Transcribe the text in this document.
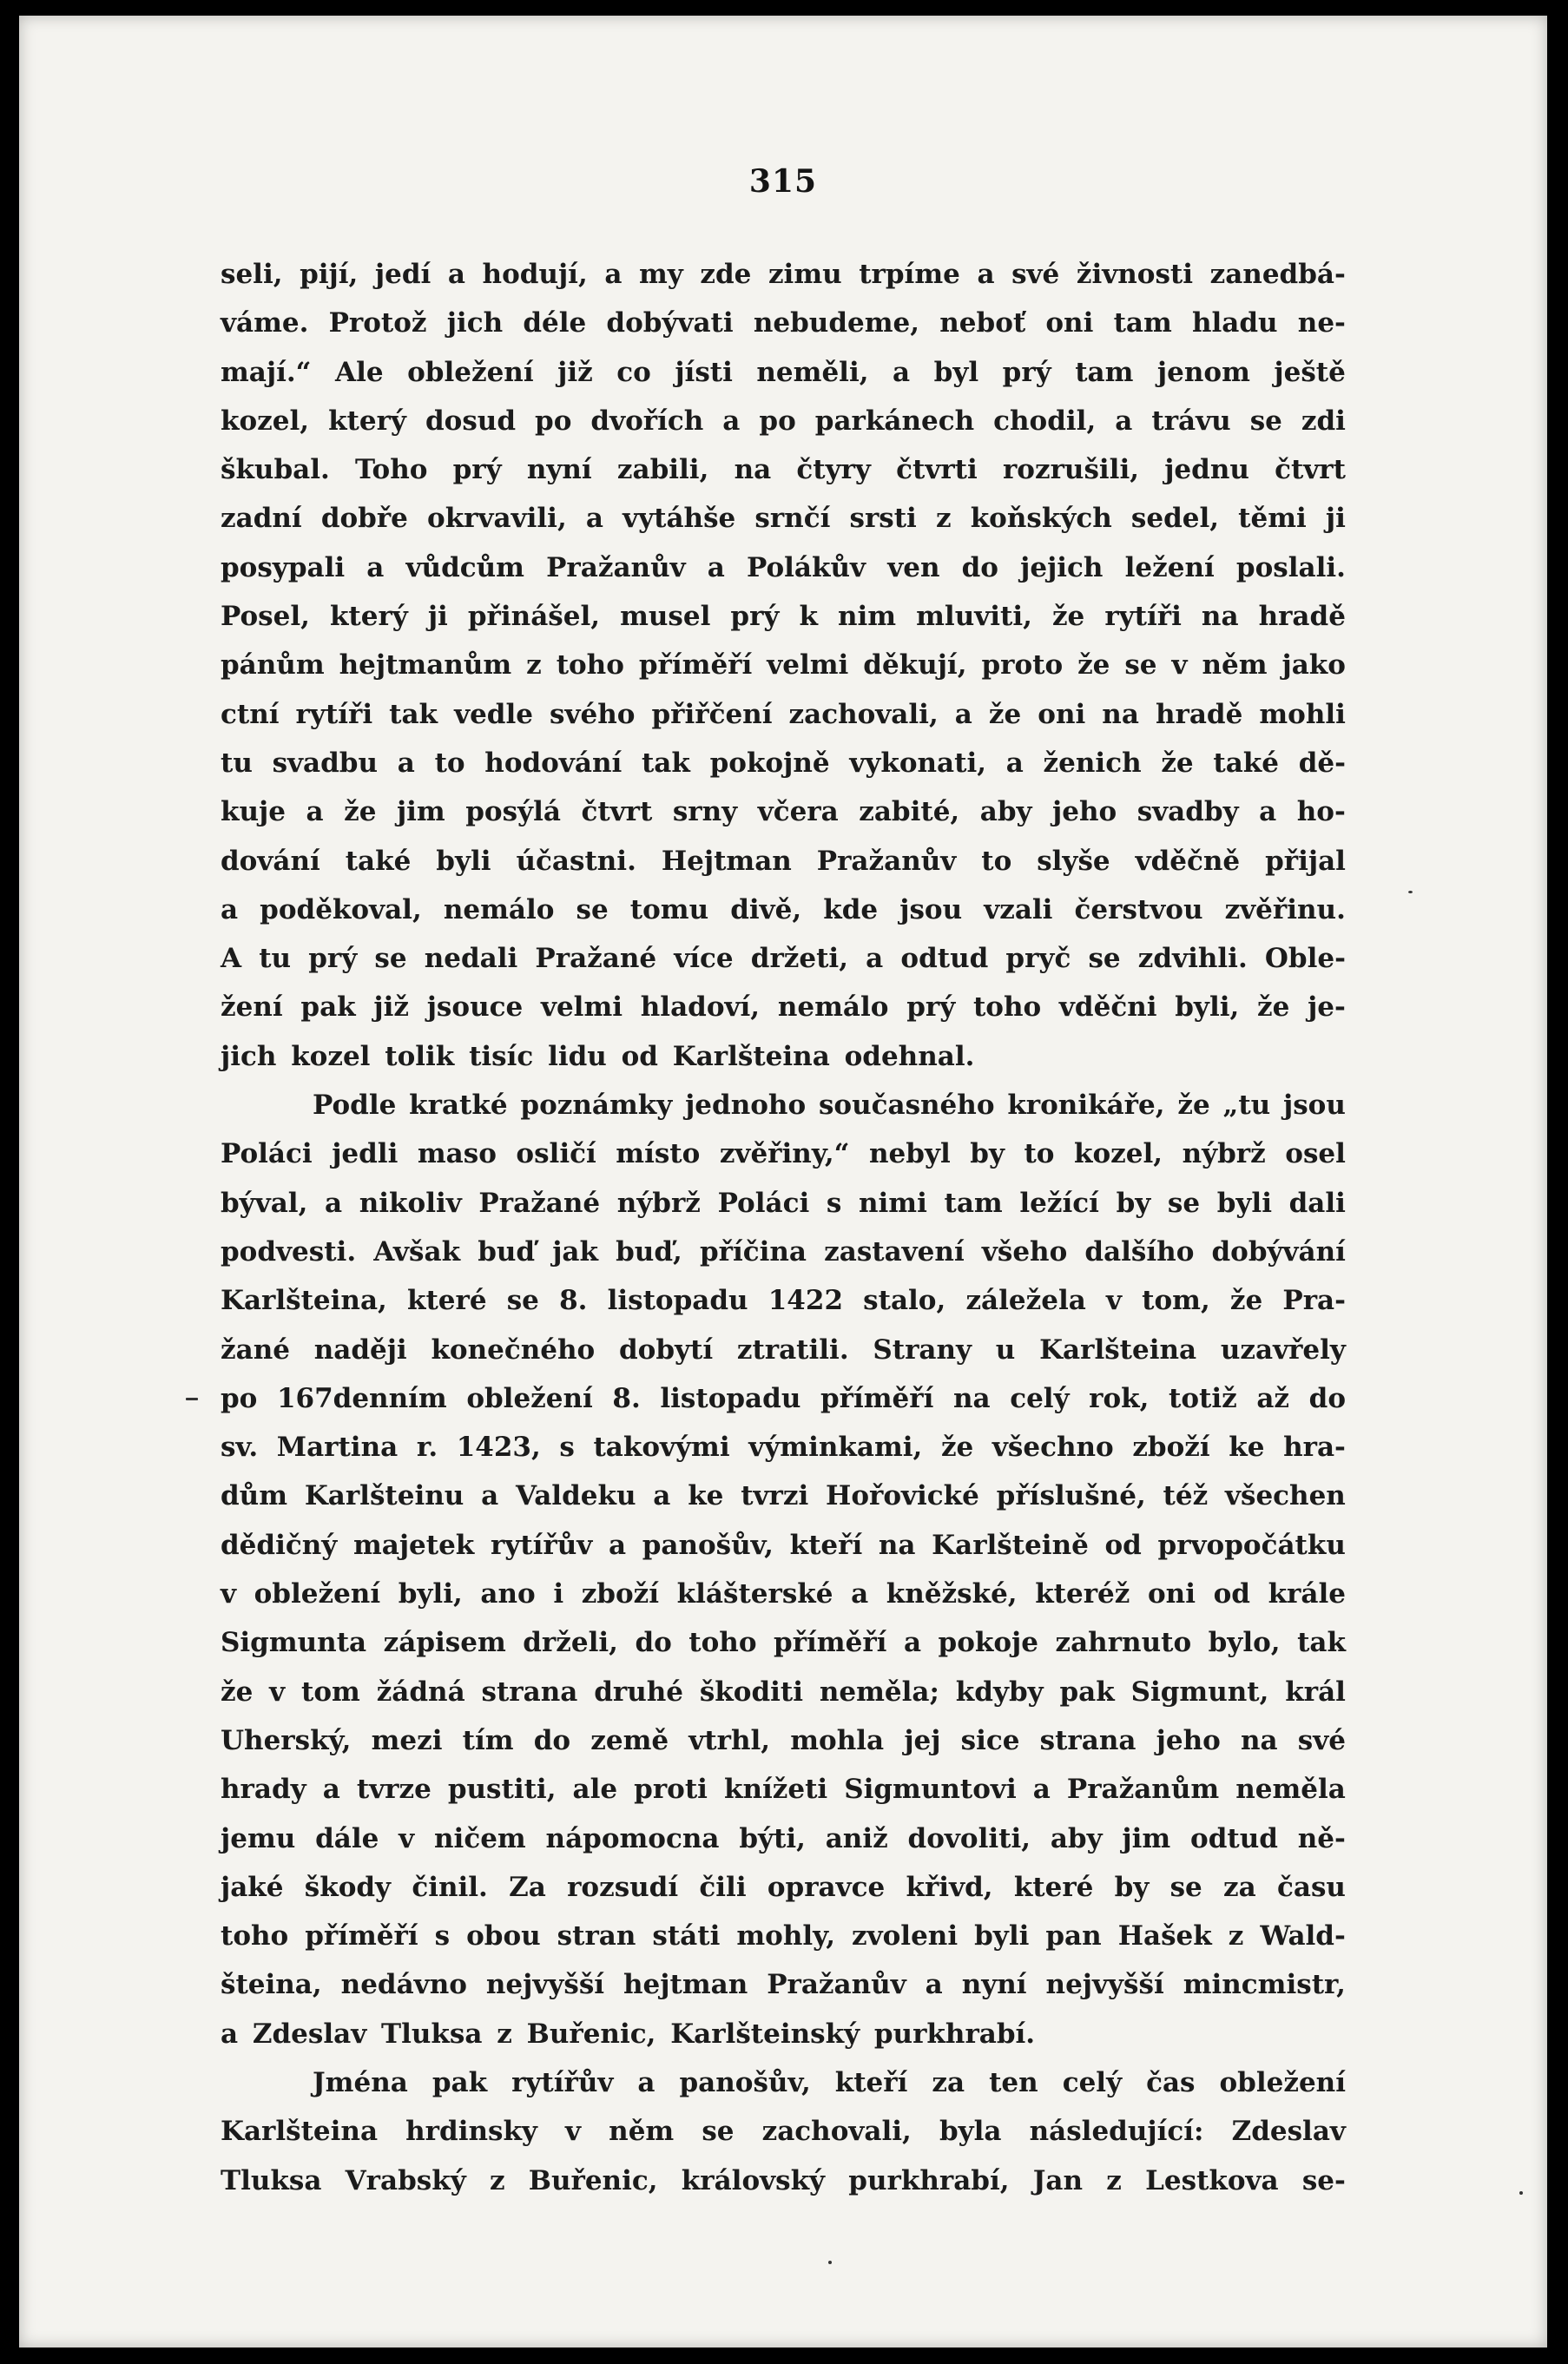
315
seli, pijí, jedí a hodují, a my zde zimu trpíme a své živnosti zanedbá-
váme. Protož jich déle dobývati nebudeme, neboť oni tam hladu ne-
mají.“ Ale obležení již co jísti neměli, a byl prý tam jenom ještě
kozel, který dosud po dvořích a po parkánech chodil, a trávu se zdi
škubal. Toho prý nyní zabili, na čtyry čtvrti rozrušili, jednu čtvrt
zadní dobře okrvavili, a vytáhše srnčí srsti z koňských sedel, těmi ji
posypali a vůdcům Pražanův a Polákův ven do jejich ležení poslali.
Posel, který ji přinášel, musel prý k nim mluviti, že rytíři na hradě
pánům hejtmanům z toho příměří velmi děkují, proto že se v něm jako
ctní rytíři tak vedle svého přiřčení zachovali, a že oni na hradě mohli
tu svadbu a to hodování tak pokojně vykonati, a ženich že také dě-
kuje a že jim posýlá čtvrt srny včera zabité, aby jeho svadby a ho-
dování také byli účastni. Hejtman Pražanův to slyše vděčně přijal
a poděkoval, nemálo se tomu divě, kde jsou vzali čerstvou zvěřinu.
A tu prý se nedali Pražané více držeti, a odtud pryč se zdvihli. Oble-
žení pak již jsouce velmi hladoví, nemálo prý toho vděčni byli, že je-
jich kozel tolik tisíc lidu od Karlšteina odehnal.
Podle kratké poznámky jednoho současného kronikáře, že „tu jsou
Poláci jedli maso osličí místo zvěřiny,“ nebyl by to kozel, nýbrž osel
býval, a nikoliv Pražané nýbrž Poláci s nimi tam ležící by se byli dali
podvesti. Avšak buď jak buď, příčina zastavení všeho dalšího dobývání
Karlšteina, které se 8. listopadu 1422 stalo, záležela v tom, že Pra-
žané naději konečného dobytí ztratili. Strany u Karlšteina uzavřely
po 167denním obležení 8. listopadu příměří na celý rok, totiž až do
sv. Martina r. 1423, s takovými výminkami, že všechno zboží ke hra-
dům Karlšteinu a Valdeku a ke tvrzi Hořovické příslušné, též všechen
dědičný majetek rytířův a panošův, kteří na Karlšteině od prvopočátku
v obležení byli, ano i zboží klášterské a kněžské, kteréž oni od krále
Sigmunta zápisem drželi, do toho příměří a pokoje zahrnuto bylo, tak
že v tom žádná strana druhé škoditi neměla; kdyby pak Sigmunt, král
Uherský, mezi tím do země vtrhl, mohla jej sice strana jeho na své
hrady a tvrze pustiti, ale proti knížeti Sigmuntovi a Pražanům neměla
jemu dále v ničem nápomocna býti, aniž dovoliti, aby jim odtud ně-
jaké škody činil. Za rozsudí čili opravce křivd, které by se za času
toho příměří s obou stran státi mohly, zvoleni byli pan Hašek z Wald-
šteina, nedávno nejvyšší hejtman Pražanův a nyní nejvyšší mincmistr,
a Zdeslav Tluksa z Buřenic, Karlšteinský purkhrabí.
Jména pak rytířův a panošův, kteří za ten celý čas obležení
Karlšteina hrdinsky v něm se zachovali, byla následující: Zdeslav
Tluksa Vrabský z Buřenic, královský purkhrabí, Jan z Lestkova se-
